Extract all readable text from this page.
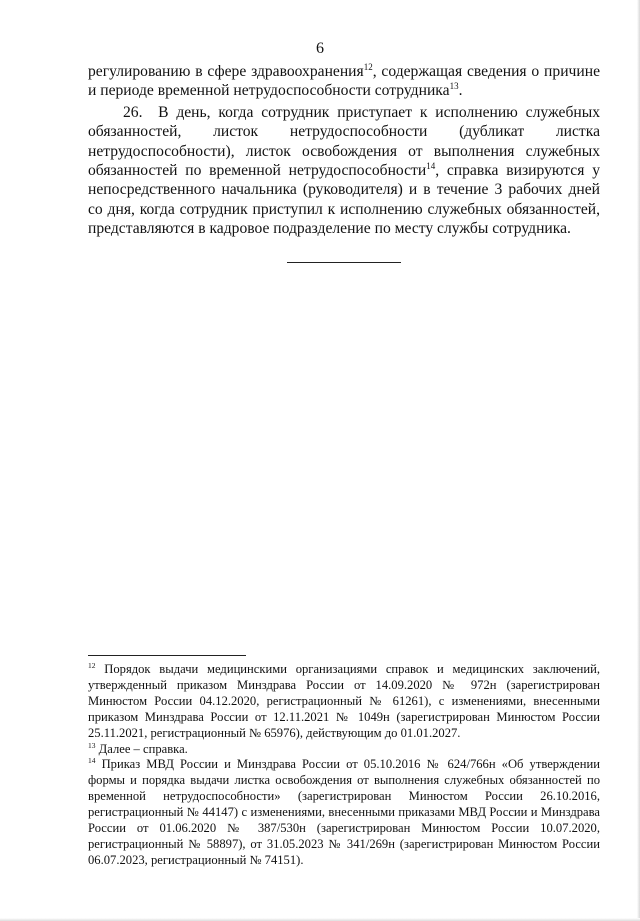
6

регулированию в сфере здравоохранения$^{12}$, содержащая сведения о причине и периоде временной нетрудоспособности сотрудника$^{13}$.

26. В день, когда сотрудник приступает к исполнению служебных обязанностей, листок нетрудоспособности (дубликат листка нетрудоспособности), листок освобождения от выполнения служебных обязанностей по временной нетрудоспособности$^{14}$, справка визируются у непосредственного начальника (руководителя) и в течение 3 рабочих дней со дня, когда сотрудник приступил к исполнению служебных обязанностей, представляются в кадровое подразделение по месту службы сотрудника.

$^{12}$ Порядок выдачи медицинскими организациями справок и медицинских заключений, утвержденный приказом Минздрава России от 14.09.2020 № 972н (зарегистрирован Минюстом России 04.12.2020, регистрационный № 61261), с изменениями, внесенными приказом Минздрава России от 12.11.2021 № 1049н (зарегистрирован Минюстом России 25.11.2021, регистрационный № 65976), действующим до 01.01.2027.

$^{13}$ Далее – справка.

$^{14}$ Приказ МВД России и Минздрава России от 05.10.2016 № 624/766н «Об утверждении формы и порядка выдачи листка освобождения от выполнения служебных обязанностей по временной нетрудоспособности» (зарегистрирован Минюстом России 26.10.2016, регистрационный № 44147) с изменениями, внесенными приказами МВД России и Минздрава России от 01.06.2020 № 387/530н (зарегистрирован Минюстом России 10.07.2020, регистрационный № 58897), от 31.05.2023 № 341/269н (зарегистрирован Минюстом России 06.07.2023, регистрационный № 74151).
